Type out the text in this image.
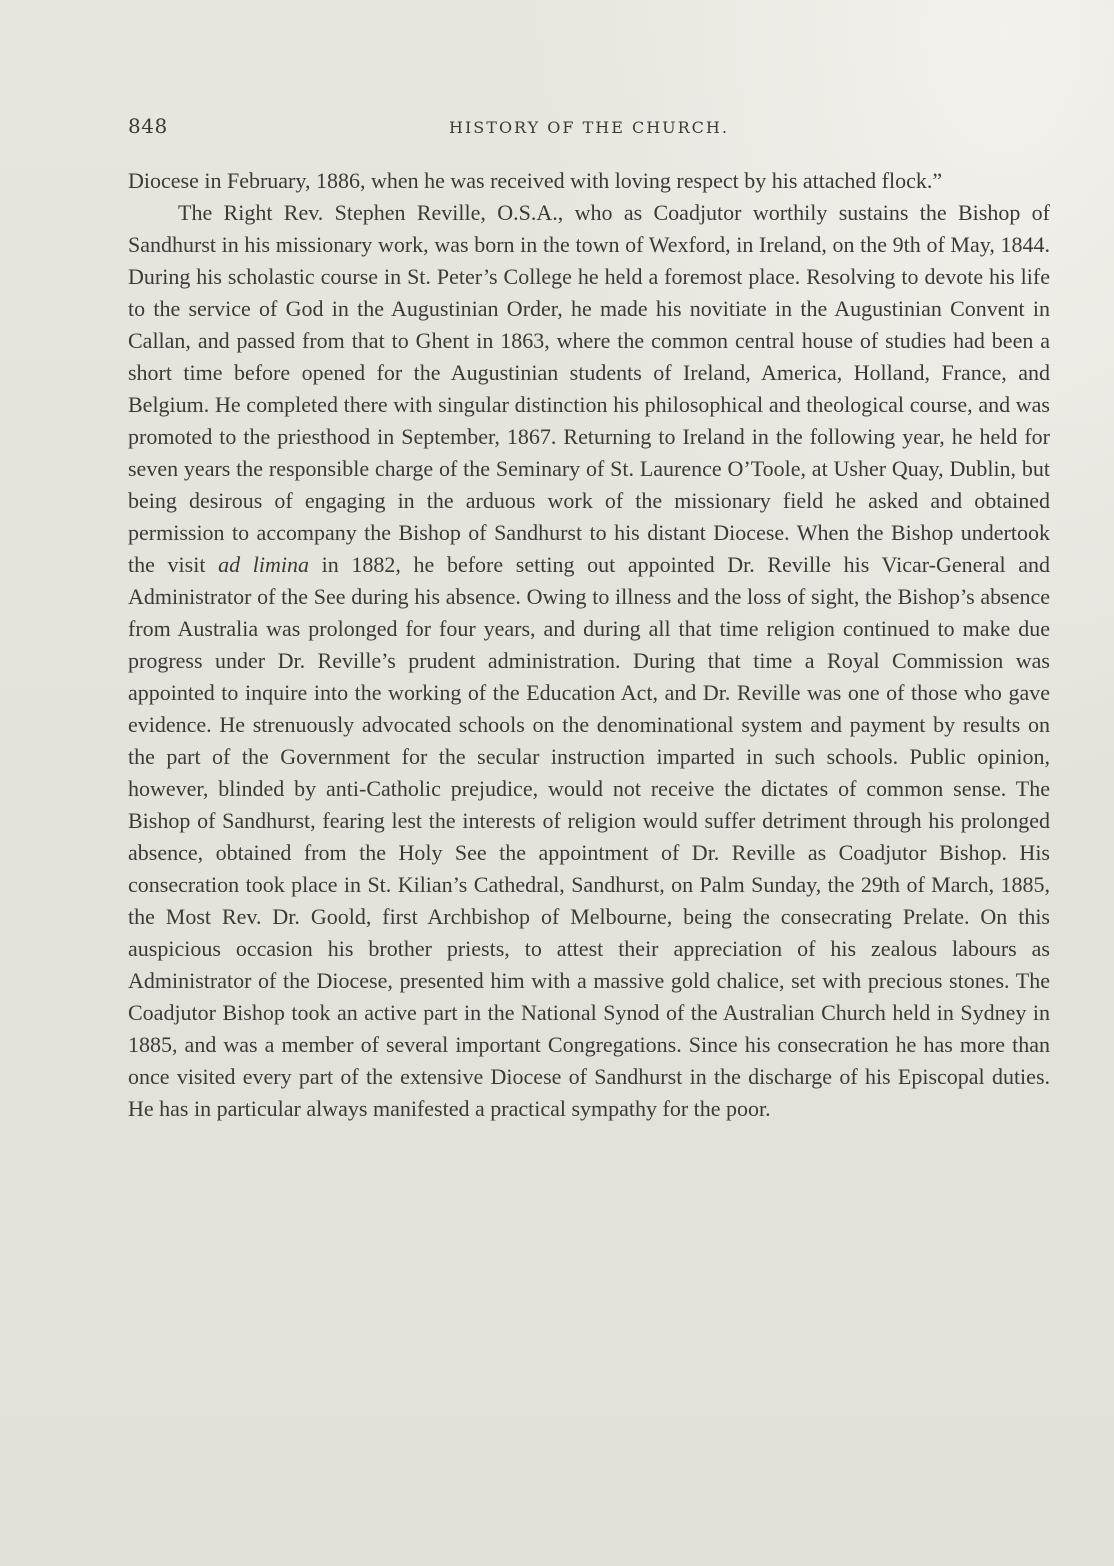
848	HISTORY OF THE CHURCH.

Diocese in February, 1886, when he was received with loving respect by his attached flock.”

The Right Rev. Stephen Reville, O.S.A., who as Coadjutor worthily sustains the Bishop of Sandhurst in his missionary work, was born in the town of Wexford, in Ireland, on the 9th of May, 1844. During his scholastic course in St. Peter’s College he held a foremost place. Resolving to devote his life to the service of God in the Augustinian Order, he made his novitiate in the Augustinian Convent in Callan, and passed from that to Ghent in 1863, where the common central house of studies had been a short time before opened for the Augustinian students of Ireland, America, Holland, France, and Belgium. He completed there with singular distinction his philosophical and theological course, and was promoted to the priesthood in September, 1867. Returning to Ireland in the following year, he held for seven years the responsible charge of the Seminary of St. Laurence O’Toole, at Usher Quay, Dublin, but being desirous of engaging in the arduous work of the missionary field he asked and obtained permission to accompany the Bishop of Sandhurst to his distant Diocese. When the Bishop undertook the visit ad limina in 1882, he before setting out appointed Dr. Reville his Vicar-General and Administrator of the See during his absence. Owing to illness and the loss of sight, the Bishop’s absence from Australia was prolonged for four years, and during all that time religion continued to make due progress under Dr. Reville’s prudent administration. During that time a Royal Commission was appointed to inquire into the working of the Education Act, and Dr. Reville was one of those who gave evidence. He strenuously advocated schools on the denominational system and payment by results on the part of the Government for the secular instruction imparted in such schools. Public opinion, however, blinded by anti-Catholic prejudice, would not receive the dictates of common sense. The Bishop of Sandhurst, fearing lest the interests of religion would suffer detriment through his prolonged absence, obtained from the Holy See the appointment of Dr. Reville as Coadjutor Bishop. His consecration took place in St. Kilian’s Cathedral, Sandhurst, on Palm Sunday, the 29th of March, 1885, the Most Rev. Dr. Goold, first Archbishop of Melbourne, being the consecrating Prelate. On this auspicious occasion his brother priests, to attest their appreciation of his zealous labours as Administrator of the Diocese, presented him with a massive gold chalice, set with precious stones. The Coadjutor Bishop took an active part in the National Synod of the Australian Church held in Sydney in 1885, and was a member of several important Congregations. Since his consecration he has more than once visited every part of the extensive Diocese of Sandhurst in the discharge of his Episcopal duties. He has in particular always manifested a practical sympathy for the poor.
